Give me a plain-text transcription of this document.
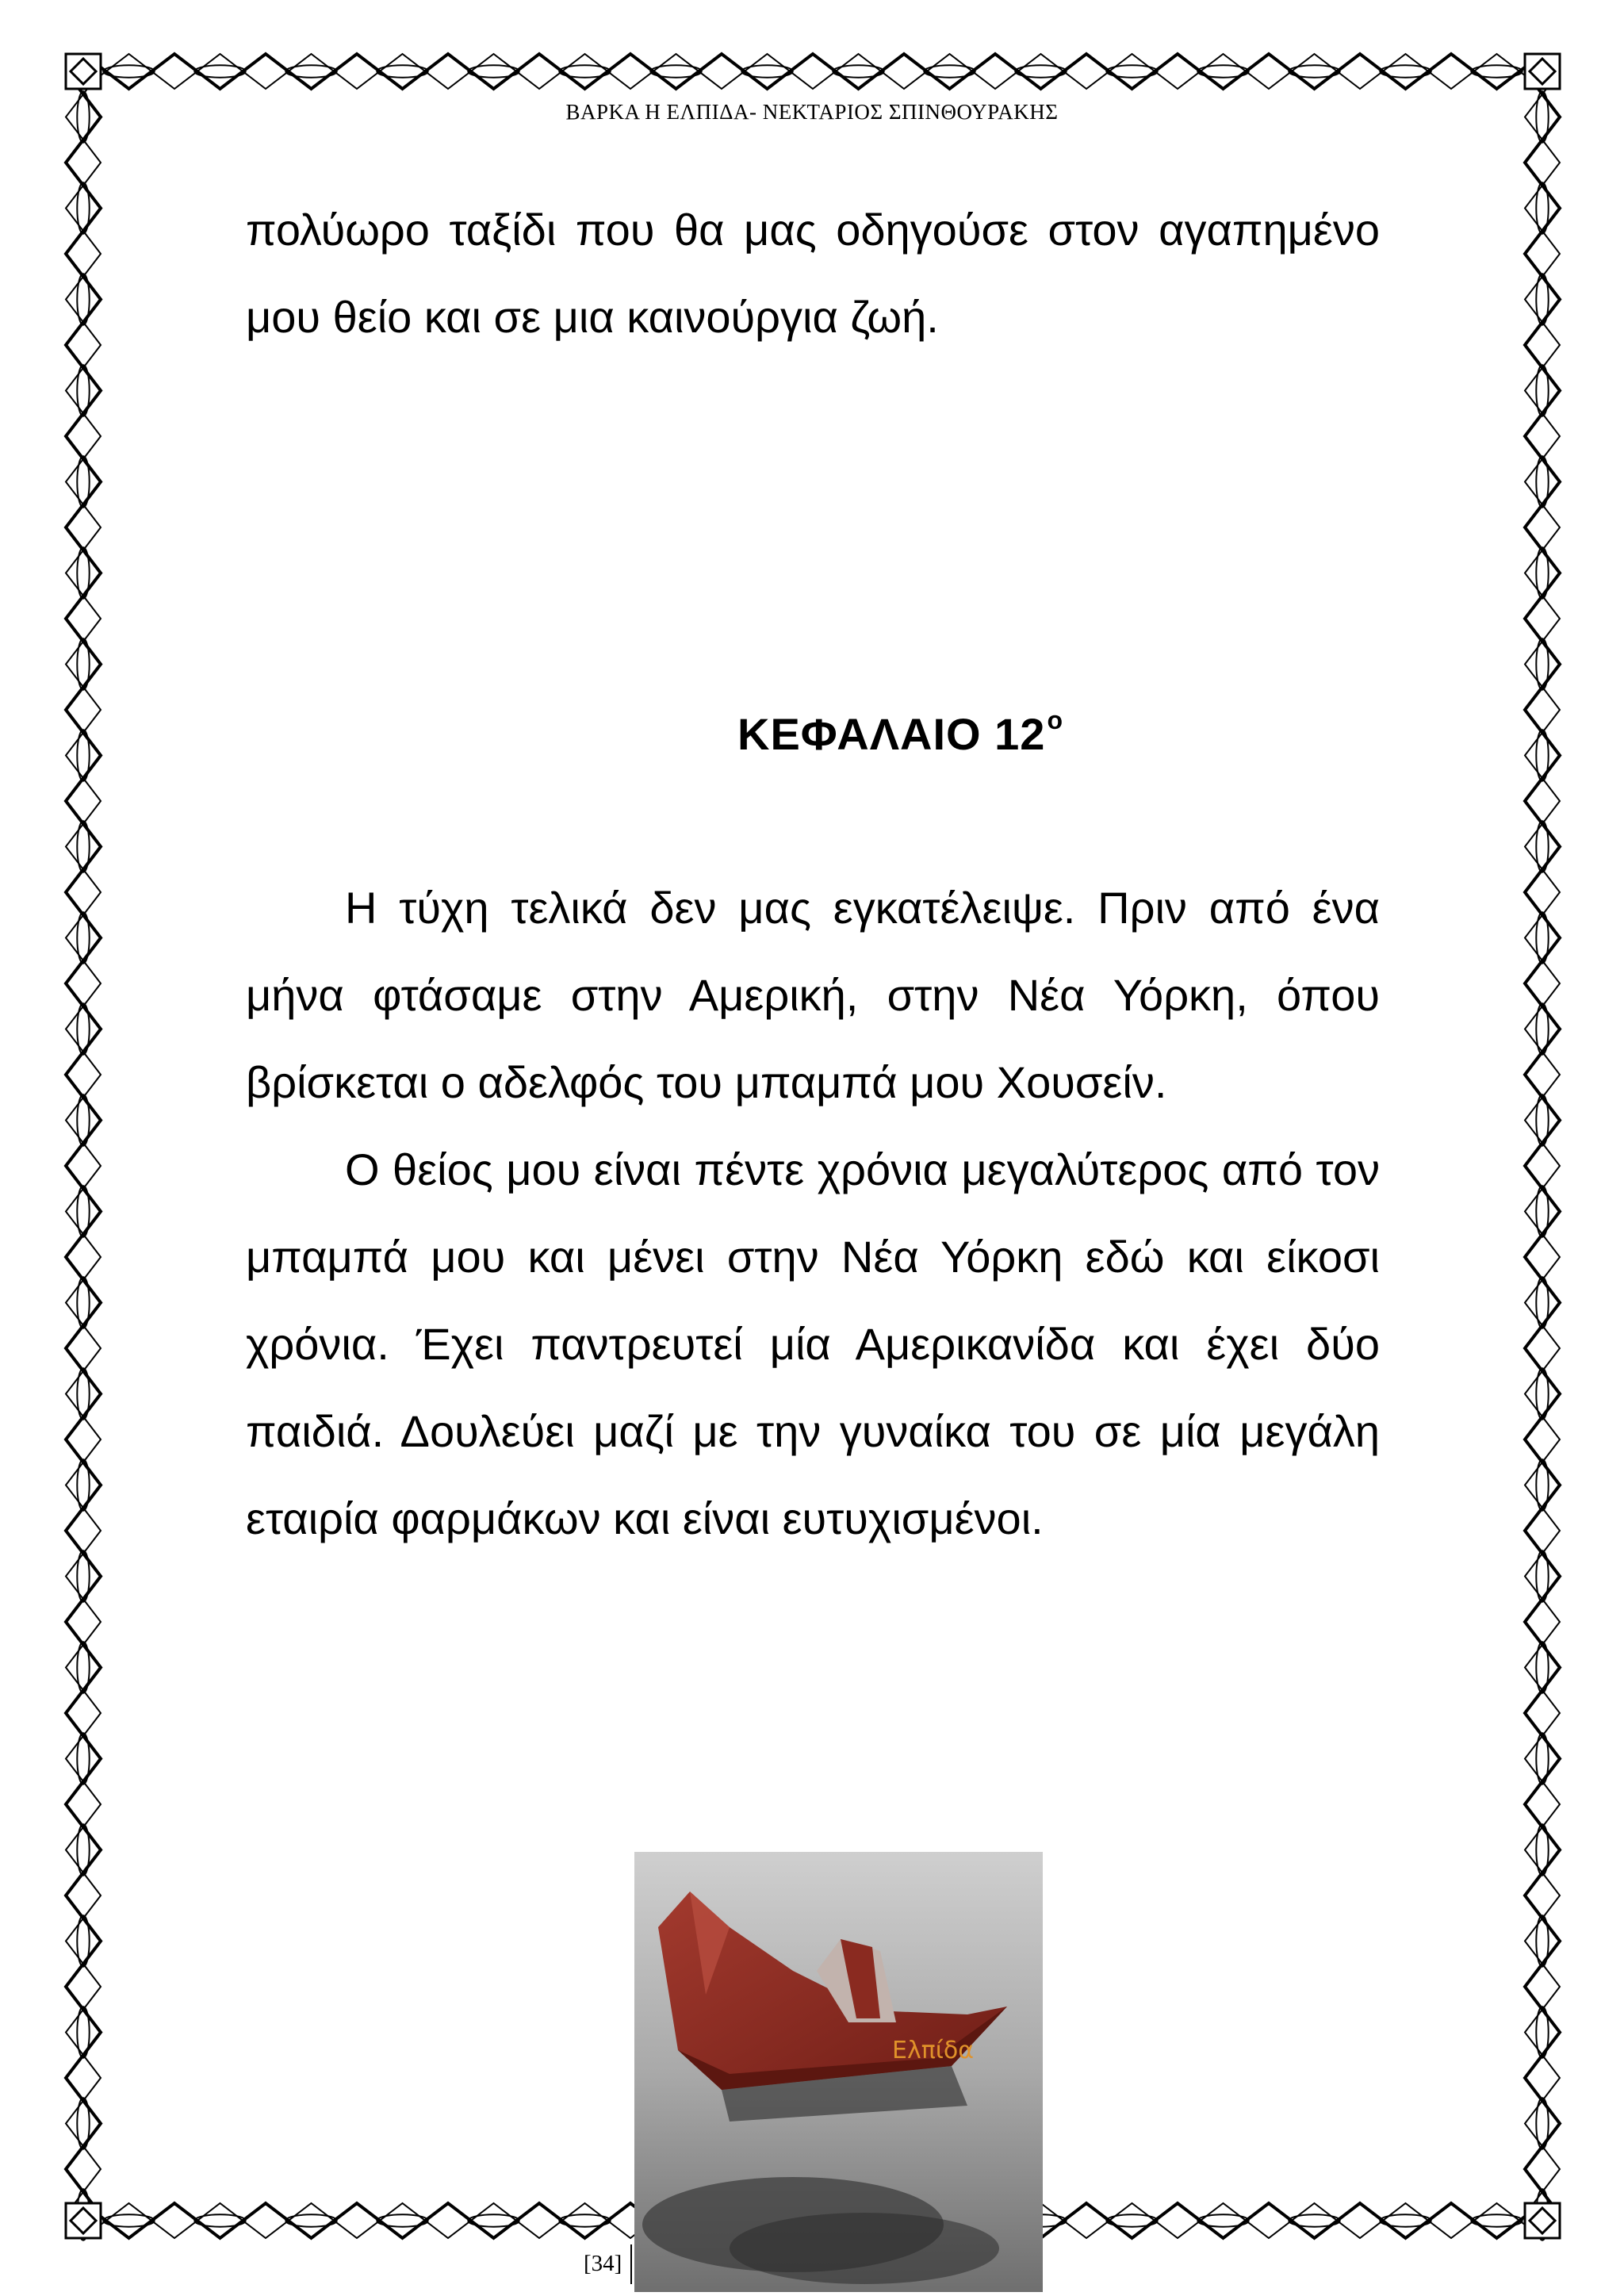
ΒΑΡΚΑ Η ΕΛΠΙΔΑ- ΝΕΚΤΑΡΙΟΣ ΣΠΙΝΘΟΥΡΑΚΗΣ

πολύωρο ταξίδι που θα μας οδηγούσε στον αγαπημένο μου θείο και σε μια καινούργια ζωή.

ΚΕΦΑΛΑΙΟ $12^o$

Η τύχη τελικά δεν μας εγκατέλειψε. Πριν από ένα μήνα φτάσαμε στην Αμερική, στην Νέα Υόρκη, όπου βρίσκεται ο αδελφός του μπαμπά μου Χουσείν.

Ο θείος μου είναι πέντε χρόνια μεγαλύτερος από τον μπαμπά μου και μένει στην Νέα Υόρκη εδώ και είκοσι χρόνια. Έχει παντρευτεί μία Αμερικανίδα και έχει δύο παιδιά. Δουλεύει μαζί με την γυναίκα του σε μία μεγάλη εταιρία φαρμάκων και είναι ευτυχισμένοι.

Ελπίδα
[34]
